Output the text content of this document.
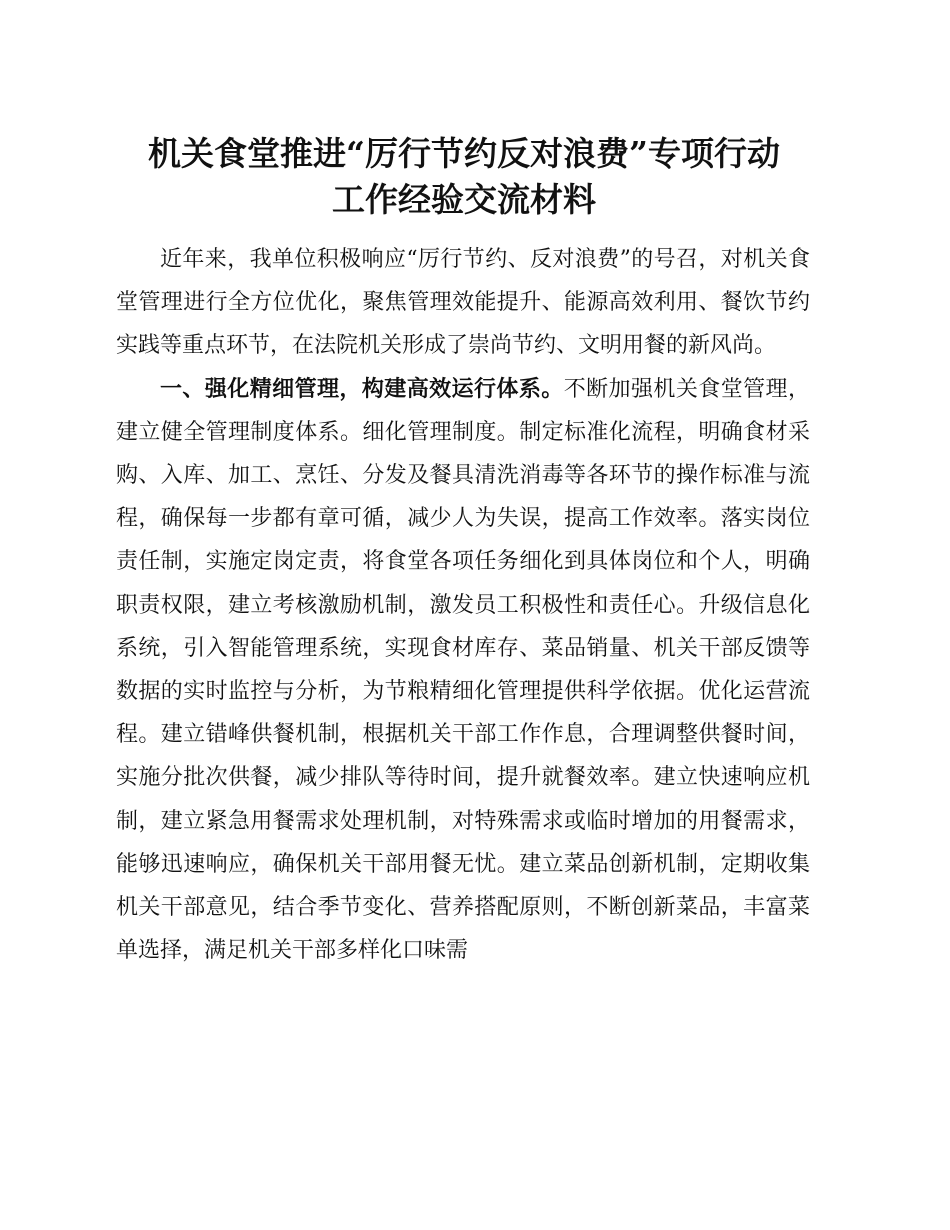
机关食堂推进“厉行节约反对浪费”专项行动
工作经验交流材料

近年来，我单位积极响应“厉行节约、反对浪费”的号召，对机关食堂管理进行全方位优化，聚焦管理效能提升、能源高效利用、餐饮节约实践等重点环节，在法院机关形成了崇尚节约、文明用餐的新风尚。

一、强化精细管理，构建高效运行体系。不断加强机关食堂管理，建立健全管理制度体系。细化管理制度。制定标准化流程，明确食材采购、入库、加工、烹饪、分发及餐具清洗消毒等各环节的操作标准与流程，确保每一步都有章可循，减少人为失误，提高工作效率。落实岗位责任制，实施定岗定责，将食堂各项任务细化到具体岗位和个人，明确职责权限，建立考核激励机制，激发员工积极性和责任心。升级信息化系统，引入智能管理系统，实现食材库存、菜品销量、机关干部反馈等数据的实时监控与分析，为节粮精细化管理提供科学依据。优化运营流程。建立错峰供餐机制，根据机关干部工作作息，合理调整供餐时间，实施分批次供餐，减少排队等待时间，提升就餐效率。建立快速响应机制，建立紧急用餐需求处理机制，对特殊需求或临时增加的用餐需求，能够迅速响应，确保机关干部用餐无忧。建立菜品创新机制，定期收集机关干部意见，结合季节变化、营养搭配原则，不断创新菜品，丰富菜单选择，满足机关干部多样化口味需
